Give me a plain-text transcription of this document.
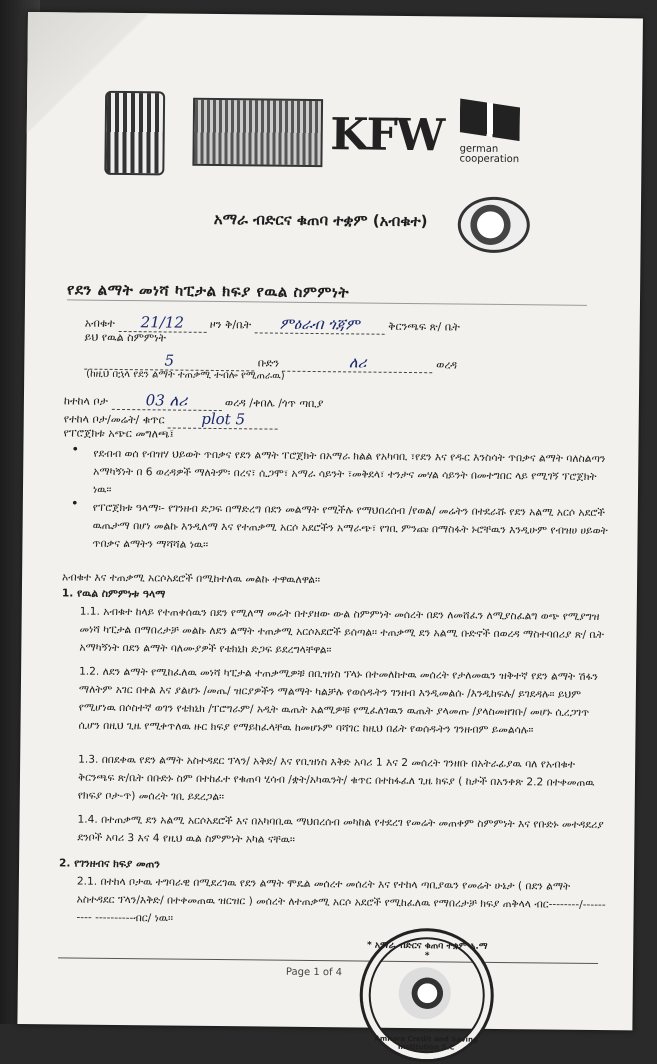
KFW german cooperation
አማራ ብድርና ቁጠባ ተቋም (አብቁተ)
የደን ልማት መነሻ ካፒታል ክፍያ የዉል ስምምነት
አብቁተ 21/12 ዞን ቅ/ቤት ምዕራብ ጎጃም	ቅርንጫፍ ጽ/ ቤት
ይህ የዉል ስምምነት
5	ቡድን	ለሪ	ወረዳ
(ከዚህ በኋላ የደን ልማት ተጠቃሚ ተብሎ የሚጠራዉ)
ከተከላ ቦታ	03 ለሪ	ወረዳ /ቀበሌ /ጎጥ ጣቢያ
የተከላ ቦታ/መሬት/ ቁጥር plot 5
የፐሮጀክቱ አጭር መግለጫ፤
• የደብብ ወሰ የብዝሃ ህይወት ጥበቃና የደን ልማት ፐሮጀክት በአማራ ክልል የአካባቢ ፣የደን እና የዱር እንስሳት ጥበቃና ልማት ባለስልጣን አማካኝነት በ 6 ወረዳዎች ማለትም፡ በረና፣ ሲጋሞ፣ አማራ ሳይንት ፣መቅደላ፣ ተንታና መሃል ሳይንት በመተግበር ላይ የሚገኝ ፕሮጀክት ነዉ፡፡
• የፐሮጀክቱ ዓላማ፡- የገንዘብ ድጋፍ በማድረግ በደን መልማት የሚችሉ የማህበረሰብ /የወል/ መሬትን በተደራሹ የደን አልሚ አርሶ አደሮች ዉጤታማ በሆነ መልኩ እንዲለማ እና የተጠቃሚ አርሶ አደሮችን አማራጭ፣ የገቢ ምንጩ በማስፋት ኑሮቸዉን እንዲሁም የብዝሀ ሀይወት ጥበቃና ልማትን ማሻሻል ነዉ፡፡
አብቁተ እና ተጠቃሚ አርሶአደሮች በሚከተለዉ መልኩ ተዋዉለዋል፡፡
1. የዉል ስምምነቱ ዓላማ
1.1. አብቁተ ከላይ የተጠቀሰዉን በደን የሚለማ መሬት በተያዘው ውል ስምምነት መሰረት በደን ለመሸፈን ለሚያስፈልግ ወጭ የሚያግዝ መነሻ ካፒታል በማበረታቻ መልኩ ለደን ልማት ተጠቃሚ አርሶአደሮች ይሰጣል፡፡ ተጠቃሚ ደን አልሚ ቡድኖች በወረዳ ማስተባበሪያ ጽ/ ቤት አማካኝነት በደን ልማት ባለሙያዎች የቴክኒክ ድጋፍ ይደረግላቸዋል፡፡
1.2. ለደን ልማት የሚከፈለዉ መነሻ ካፒታል ተጠቃሚዎቹ በቢዝነስ ፕላኑ በተመለከተዉ መሰረት የታለመዉን ዝቅተኛ የደን ልማት ሽፋን ማለትም አገር በቀል እና ያልሆኑ /መጤ/ ዝርያዎችን ማልማት ካልቻሉ የወሰዱትን ገንዘብ እንዲመልሱ /እንዲከፍሉ/ ይገደዳሉ፡፡ ይህም የሚሆነዉ በሶስተኛ ወገን የቴክኒክ /ፐሮግራም/ አዲት ዉጤት አልሚዎቹ የሚፈለገዉን ዉጤት ያላመጡ /ያላስመዘገቡ/ መሆኑ ሲረጋገጥ ሲሆን በዚህ ጊዜ የሚቀጥለዉ ዙር ክፍያ የማይከፈላቸዉ ከመሆኑም ባሻገር ከዚህ በፊት የወሰዱትን ገንዘብም ይመልሳሉ፡፡
1.3. በበደቀዉ የደን ልማት አስተዳደር ፕላን/ አቅድ/ እና የቢዝነስ እቅድ አባሪ 1 እና 2 መሰረት ገንዘቡ በአትራፊያዉ ባለ የአብቁተ ቅርንጫፍ ጽ/ቤት በቡድኑ ስም በተከፈተ የቁጠባ ሂሳብ /ቋት/አካዉንት/ ቁጥር በተከፋፈለ ጊዜ ክፍያ ( ከታች በአንቀጽ 2.2 በተቀመጠዉ የክፍያ ቦታ-ጥ) መሰረት ገቢ ይደረጋል፡፡
1.4. በተጠቃሚ ደን አልሚ አርሶአደሮች እና በአካባቢዉ ማህበረሰብ መካከል የተደረገ የመሬት መጠቀም ስምምነት እና የቡድኑ መተዳደሪያ ደንቦች አባሪ 3 እና 4 የዚህ ዉል ስምምነት አካል ናቸዉ፡፡
2. የገንዘብና ክፍያ መጠን
2.1. በተከላ ቦታዉ ተግባራዊ በሚደረገዉ የደን ልማት ሞዴል መሰረተ መሰረት እና የተከላ ጣቢያዉን የመሬት ሁኔታ ( በደን ልማት አስተዳደር ፕላን/እቅድ/ በተቀመጠዉ ዝርዝር ) መሰረት ለተጠቃሚ አርሶ አደሮች የሚከፈለዉ የማበረታቻ ክፍያ ጠቅላላ ብር--------/---------- ----------ብር/ ነዉ፡፡
Page 1 of 4
* አማራ ብድርና ቁጠባ ተቋም አ.ማ *
Amhara Credit and Saving Institution S.C
